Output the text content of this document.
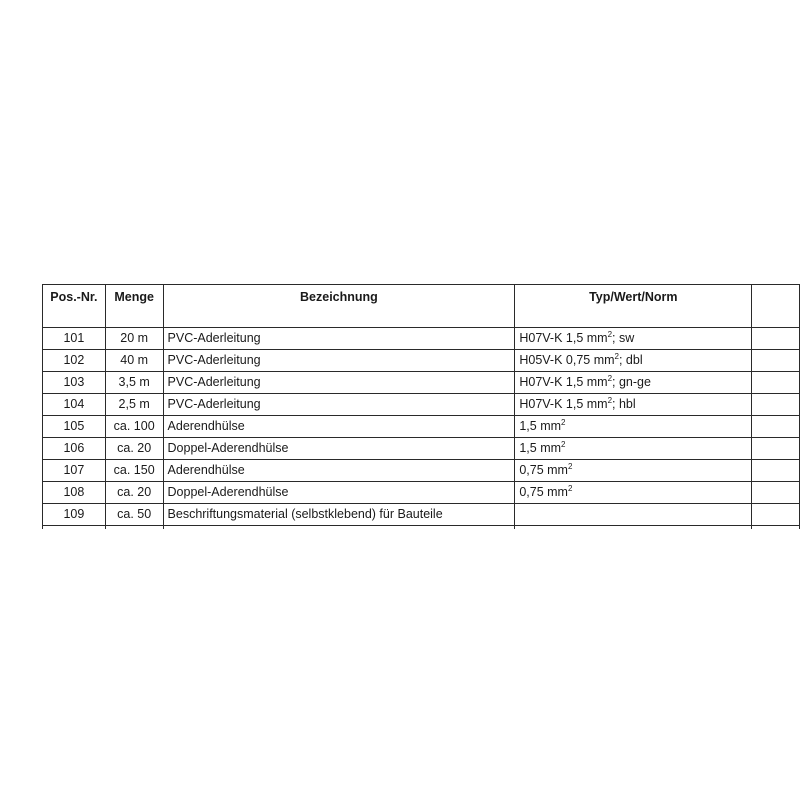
Pos.-Nr.	Menge	Bezeichnung	Typ/Wert/Norm	
101	20 m	PVC-Aderleitung	H07V-K 1,5 $mm^2$; sw	
102	40 m	PVC-Aderleitung	H05V-K 0,75 $mm^2$; dbl	
103	3,5 m	PVC-Aderleitung	H07V-K 1,5 $mm^2$; gn-ge	
104	2,5 m	PVC-Aderleitung	H07V-K 1,5 $mm^2$; hbl	
105	ca. 100	Aderendhülse	1,5 $mm^2$	
106	ca. 20	Doppel-Aderendhülse	1,5 $mm^2$	
107	ca. 150	Aderendhülse	0,75 $mm^2$	
108	ca. 20	Doppel-Aderendhülse	0,75 $mm^2$	
109	ca. 50	Beschriftungsmaterial (selbstklebend) für Bauteile		
